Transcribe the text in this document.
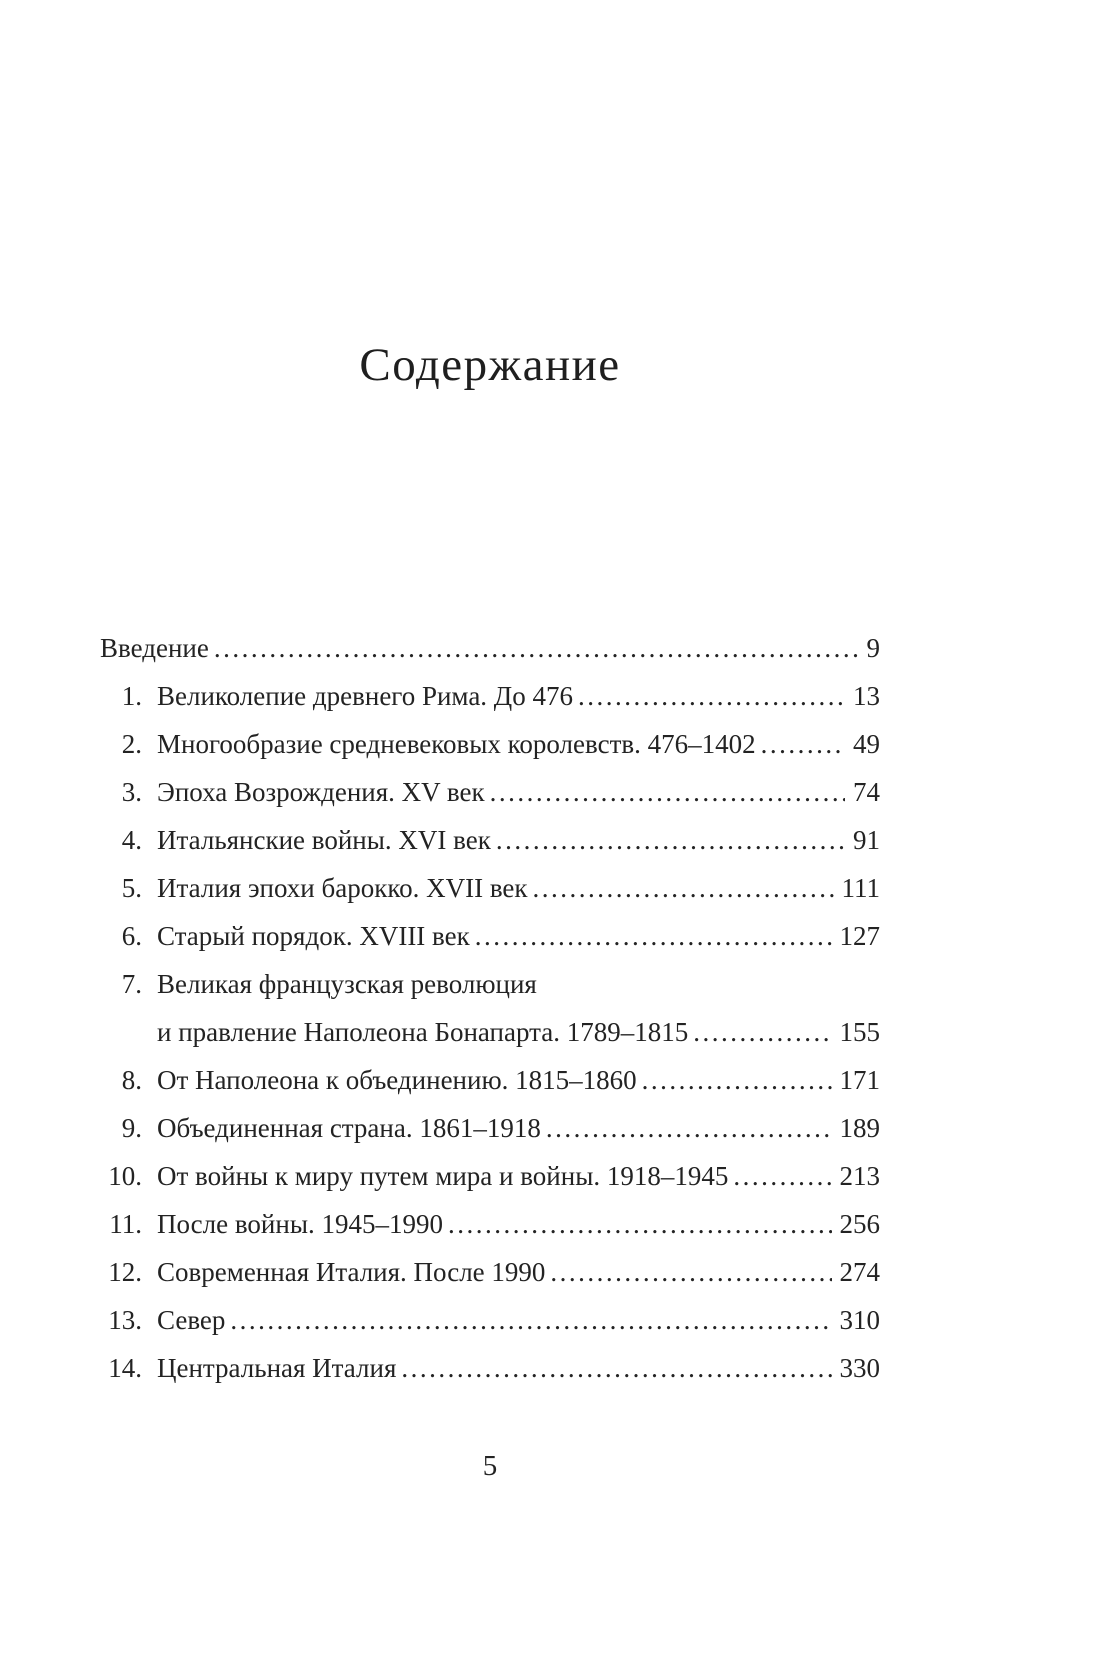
Содержание
Введение .....	9
1. Великолепие древнего Рима. До 476 .....	13
2. Многообразие средневековых королевств. 476–1402 .....	49
3. Эпоха Возрождения. XV век .....	74
4. Итальянские войны. XVI век .....	91
5. Италия эпохи барокко. XVII век .....	111
6. Старый порядок. XVIII век .....	127
7. Великая французская революция
и правление Наполеона Бонапарта. 1789–1815 .....	155
8. От Наполеона к объединению. 1815–1860 .....	171
9. Объединенная страна. 1861–1918 .....	189
10. От войны к миру путем мира и войны. 1918–1945 .....	213
11. После войны. 1945–1990 .....	256
12. Современная Италия. После 1990 .....	274
13. Север .....	310
14. Центральная Италия .....	330
5
